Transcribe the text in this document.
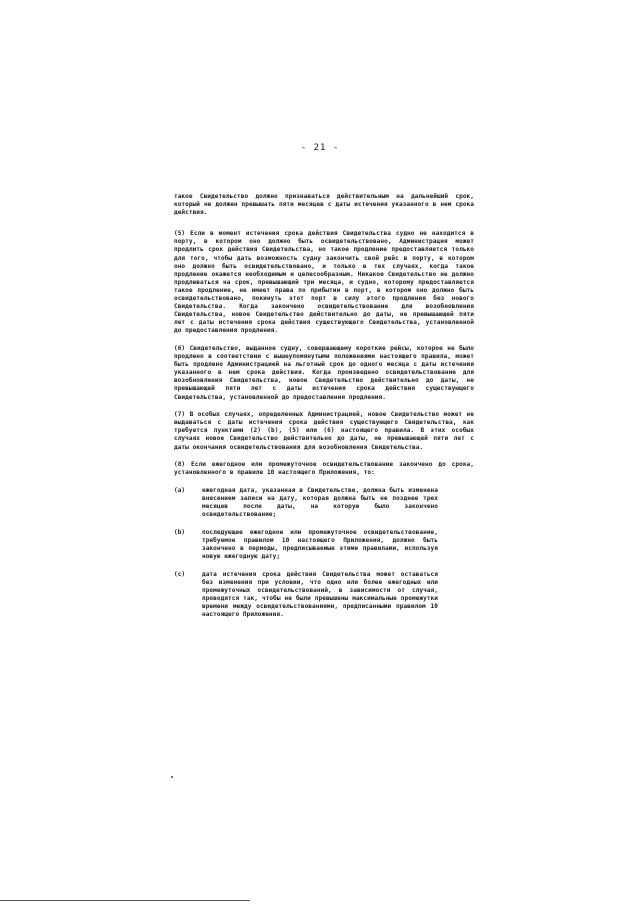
- 21 -

такое Свидетельство должно признаваться действительным на дальнейший срок, который не должен превышать пяти месяцев с даты истечения указанного в нем срока действия.

(5) Если в момент истечения срока действия Свидетельства судно не находится в порту, в котором оно должно быть освидетельствовано, Администрация может продлить срок действия Свидетельства, но такое продление предоставляется только для того, чтобы дать возможность судну закончить свой рейс в порту, в котором оно должно быть освидетельствовано, и только в тех случаях, когда такое продление окажется необходимым и целесообразным. Никакое Свидетельство не должно продлеваться на срок, превышающий три месяца, и судно, которому предоставляется такое продление, не имеет права по прибытии в порт, в котором оно должно быть освидетельствовано, покинуть этот порт в силу этого продления без нового Свидетельства. Когда закончено освидетельствование для возобновления Свидетельства, новое Свидетельство действительно до даты, не превышающей пяти лет с даты истечения срока действия существующего Свидетельства, установленной до предоставления продления.

(6) Свидетельство, выданное судну, совершающему короткие рейсы, которое не было продлено в соответствии с вышеупомянутыми положениями настоящего правила, может быть продлено Администрацией на льготный срок до одного месяца с даты истечения указанного в нем срока действия. Когда произведено освидетельствование для возобновления Свидетельства, новое Свидетельство действительно до даты, не превышающей пяти лет с даты истечения срока действия существующего Свидетельства, установленной до предоставления продления.

(7) В особых случаях, определенных Администрацией, новое Свидетельство может не выдаваться с даты истечения срока действия существующего Свидетельства, как требуется пунктами (2) (b), (5) или (6) настоящего правила. В этих особых случаях новое Свидетельство действительно до даты, не превышающей пяти лет с даты окончания освидетельствования для возобновления Свидетельства.

(8) Если ежегодное или промежуточное освидетельствование закончено до срока, установленного в правиле 10 настоящего Приложения, то:

(a)	ежегодная дата, указанная в Свидетельстве, должна быть изменена внесением записи на дату, которая должна быть не позднее трех месяцев после даты, на которую было закончено освидетельствование;
(b)	последующее ежегодное или промежуточное освидетельствование, требуемое правилом 10 настоящего Приложения, должно быть закончено в периоды, предписываемые этими правилами, используя новую ежегодную дату;
(c)	дата истечения срока действия Свидетельства может оставаться без изменения при условии, что одно или более ежегодных или промежуточных освидетельствований, в зависимости от случая, проводятся так, чтобы не были превышены максимальные промежутки времени между освидетельствованиями, предписанными правилом 10 настоящего Приложения.
